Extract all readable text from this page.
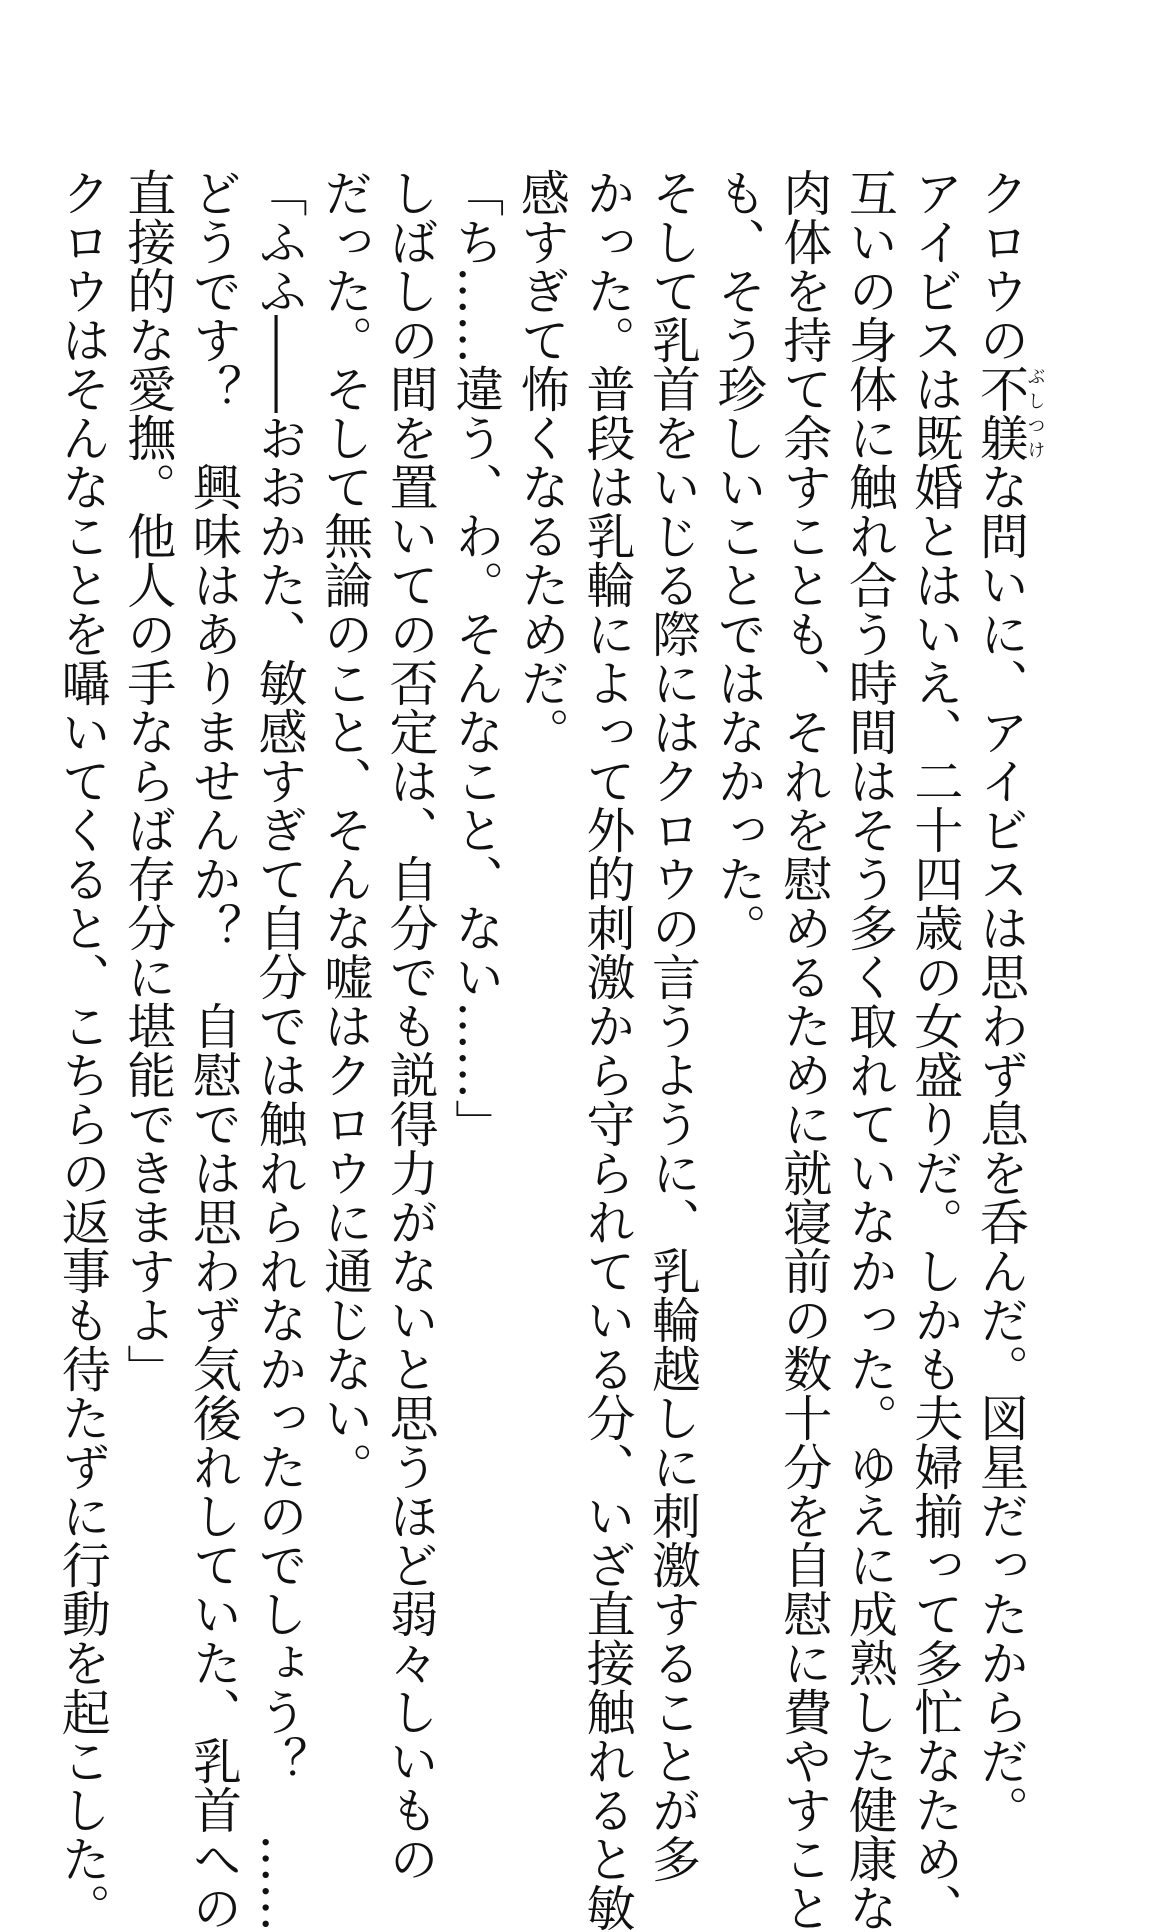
クロウの不躾ぶしつけな問いに、アイビスは思わず息を呑んだ。図星だったからだ。
アイビスは既婚とはいえ、二十四歳の女盛りだ。しかも夫婦揃って多忙なため、
互いの身体に触れ合う時間はそう多く取れていなかった。ゆえに成熟した健康な
肉体を持て余すことも、それを慰めるために就寝前の数十分を自慰に費やすこと
も、そう珍しいことではなかった。
そして乳首をいじる際にはクロウの言うように、乳輪越しに刺激することが多
かった。普段は乳輪によって外的刺激から守られている分、いざ直接触れると敏
感すぎて怖くなるためだ。
「ち……違う、わ。そんなこと、ない……」
しばしの間を置いての否定は、自分でも説得力がないと思うほど弱々しいもの
だった。そして無論のこと、そんな嘘はクロウに通じない。
「ふふ――おおかた、敏感すぎて自分では触れられなかったのでしょう？　……
どうです？　興味はありませんか？　自慰では思わず気後れしていた、乳首への
直接的な愛撫。他人の手ならば存分に堪能できますよ」
クロウはそんなことを囁いてくると、こちらの返事も待たずに行動を起こした。
